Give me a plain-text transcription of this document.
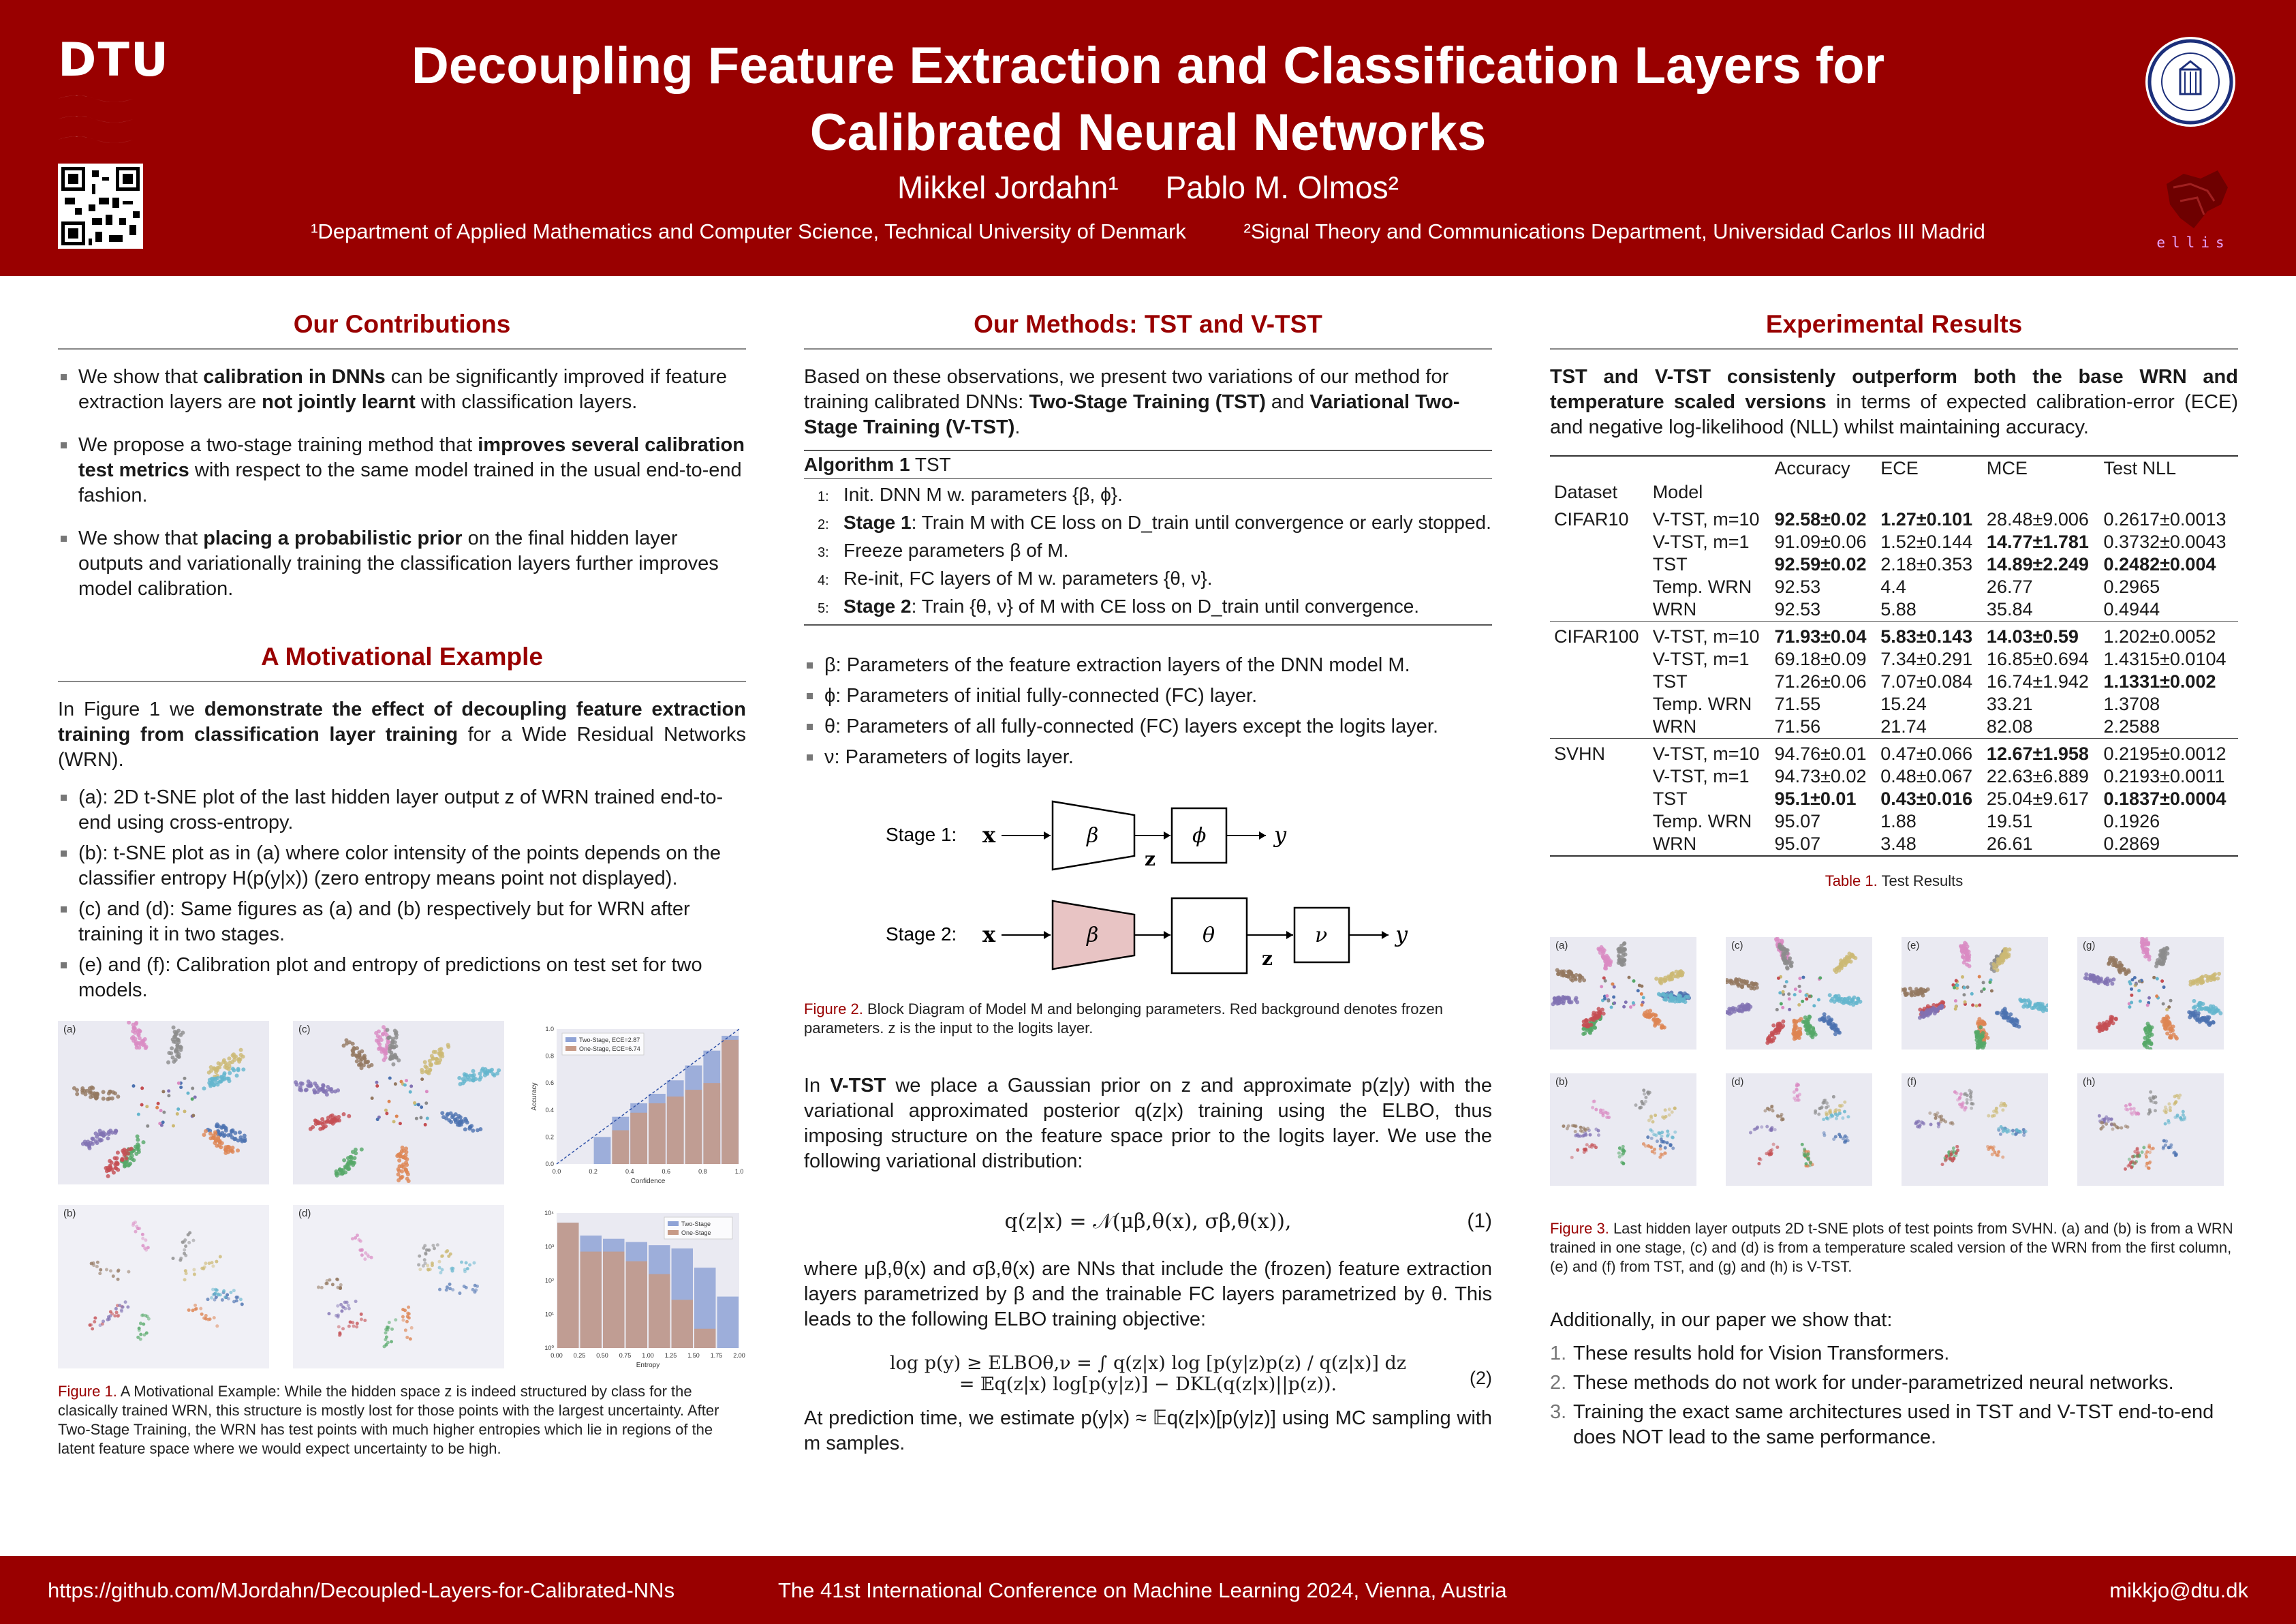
DTU	Decoupling Feature Extraction and Classification Layers for
Calibrated Neural Networks
Mikkel Jordahn¹ Pablo M. Olmos²
¹Department of Applied Mathematics and Computer Science, Technical University of Denmark	²Signal Theory and Communications Department, Universidad Carlos III Madrid	ellis
Our Contributions
We show that calibration in DNNs can be significantly improved if feature extraction layers are not jointly learnt with classification layers.
We propose a two-stage training method that improves several calibration test metrics with respect to the same model trained in the usual end-to-end fashion.
We show that placing a probabilistic prior on the final hidden layer outputs and variationally training the classification layers further improves model calibration.
A Motivational Example
In Figure 1 we demonstrate the effect of decoupling feature extraction training from classification layer training for a Wide Residual Networks (WRN).
(a): 2D t-SNE plot of the last hidden layer output z of WRN trained end-to-end using cross-entropy.
(b): t-SNE plot as in (a) where color intensity of the points depends on the classifier entropy H(p(y|x)) (zero entropy means point not displayed).
(c) and (d): Same figures as (a) and (b) respectively but for WRN after training it in two stages.
(e) and (f): Calibration plot and entropy of predictions on test set for two models.
(a)	(c)
0.0	0.2	0.4	0.6	0.8	1.0
0.0
0.2
0.4
0.6
0.8
1.0
Confidence
Accuracy
Two-Stage, ECE=2.87
One-Stage, ECE=6.74
(b)	(d)
0.00 0.25 0.50 0.75 1.00 1.25 1.50 1.75 2.00
10⁰
10¹
10²
10³
10⁴
Entropy
Two-Stage
One-Stage
Figure 1. A Motivational Example: While the hidden space z is indeed structured by class for the clasically trained WRN, this structure is mostly lost for those points with the largest uncertainty. After Two-Stage Training, the WRN has test points with much higher entropies which lie in regions of the latent feature space where we would expect uncertainty to be high.
Our Methods: TST and V-TST
Based on these observations, we present two variations of our method for training calibrated DNNs: Two-Stage Training (TST) and Variational Two-Stage Training (V-TST).
Algorithm 1 TST
1: Init. DNN M w. parameters {β, ϕ}.
2: Stage 1: Train M with CE loss on D_train until convergence or early stopped.
3: Freeze parameters β of M.
4: Re-init, FC layers of M w. parameters {θ, ν}.
5: Stage 2: Train {θ, ν} of M with CE loss on D_train until convergence.
β: Parameters of the feature extraction layers of the DNN model M.
ϕ: Parameters of initial fully-connected (FC) layer.
θ: Parameters of all fully-connected (FC) layers except the logits layer.
ν: Parameters of logits layer.
Stage 1: x	β
z
ϕ	y
Stage 2: x	β	θ
z
ν	y
Figure 2. Block Diagram of Model M and belonging parameters. Red background denotes frozen parameters. z is the input to the logits layer.
In V-TST we place a Gaussian prior on z and approximate p(z|y) with the variational approximated posterior q(z|x) training using the ELBO, thus imposing structure on the feature space prior to the logits layer. We use the following variational distribution:
q(z|x) = 𝒩(μβ,θ(x), σβ,θ(x)),	(1)
where μβ,θ(x) and σβ,θ(x) are NNs that include the (frozen) feature extraction layers parametrized by β and the trainable FC layers parametrized by θ. This leads to the following ELBO training objective:
log p(y) ≥ ELBOθ,ν = ∫ q(z|x) log [p(y|z)p(z) / q(z|x)] dz
= 𝔼q(z|x) log[p(y|z)] − DKL(q(z|x)||p(z)).	(2)
At prediction time, we estimate p(y|x) ≈ 𝔼q(z|x)[p(y|z)] using MC sampling with m samples.
Experimental Results
TST and V-TST consistenly outperform both the base WRN and temperature scaled versions in terms of expected calibration-error (ECE) and negative log-likelihood (NLL) whilst maintaining accuracy.
		Accuracy	ECE	MCE	Test NLL
Dataset	Model				
CIFAR10	V-TST, m=10	92.58±0.02	1.27±0.101	28.48±9.006	0.2617±0.0013
	V-TST, m=1	91.09±0.06	1.52±0.144	14.77±1.781	0.3732±0.0043
	TST	92.59±0.02	2.18±0.353	14.89±2.249	0.2482±0.004
	Temp. WRN	92.53	4.4	26.77	0.2965
	WRN	92.53	5.88	35.84	0.4944
CIFAR100	V-TST, m=10	71.93±0.04	5.83±0.143	14.03±0.59	1.202±0.0052
	V-TST, m=1	69.18±0.09	7.34±0.291	16.85±0.694	1.4315±0.0104
	TST	71.26±0.06	7.07±0.084	16.74±1.942	1.1331±0.002
	Temp. WRN	71.55	15.24	33.21	1.3708
	WRN	71.56	21.74	82.08	2.2588
SVHN	V-TST, m=10	94.76±0.01	0.47±0.066	12.67±1.958	0.2195±0.0012
	V-TST, m=1	94.73±0.02	0.48±0.067	22.63±6.889	0.2193±0.0011
	TST	95.1±0.01	0.43±0.016	25.04±9.617	0.1837±0.0004
	Temp. WRN	95.07	1.88	19.51	0.1926
	WRN	95.07	3.48	26.61	0.2869
Table 1. Test Results
(a)	(c)	(e)	(g)
(b)	(d)	(f)	(h)
Figure 3. Last hidden layer outputs 2D t-SNE plots of test points from SVHN. (a) and (b) is from a WRN trained in one stage, (c) and (d) is from a temperature scaled version of the WRN from the first column, (e) and (f) from TST, and (g) and (h) is V-TST.
Additionally, in our paper we show that:
1. These results hold for Vision Transformers.
2. These methods do not work for under-parametrized neural networks.
3. Training the exact same architectures used in TST and V-TST end-to-end does NOT lead to the same performance.
https://github.com/MJordahn/Decoupled-Layers-for-Calibrated-NNs	The 41st International Conference on Machine Learning 2024, Vienna, Austria	mikkjo@dtu.dk
